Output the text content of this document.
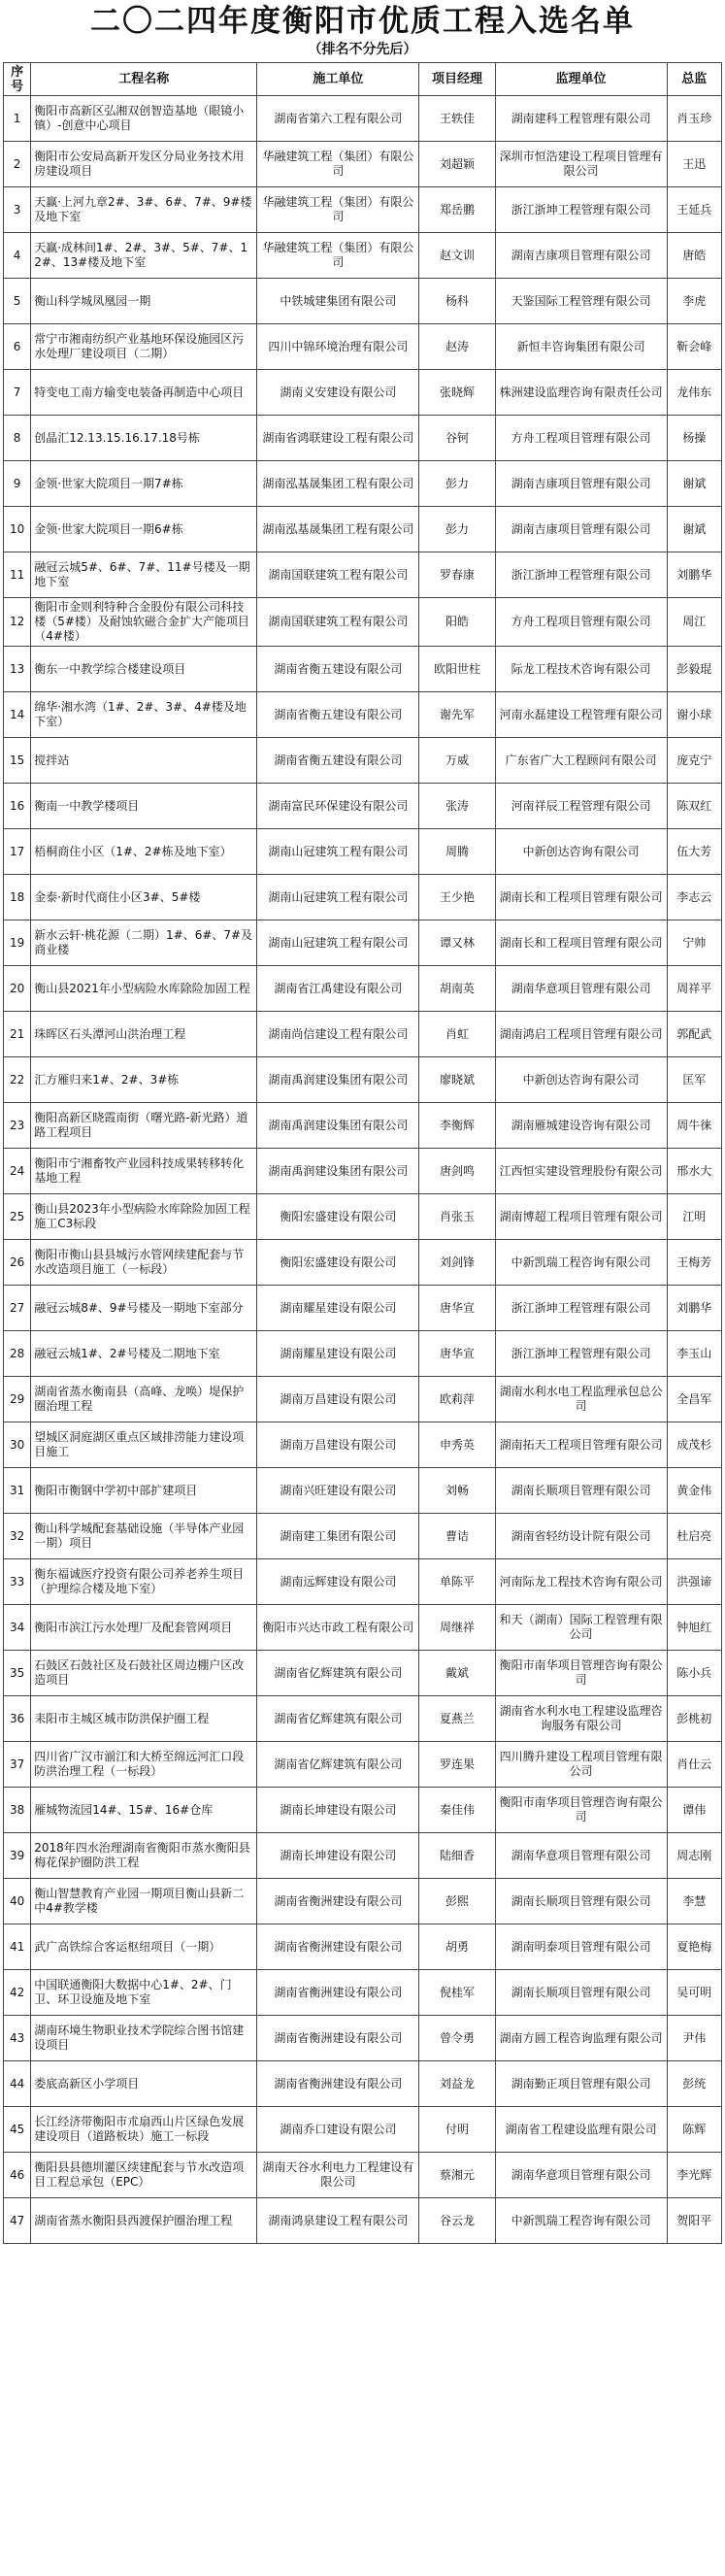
二〇二四年度衡阳市优质工程入选名单
（排名不分先后）
序号	工程名称	施工单位	项目经理	监理单位	总监
1	衡阳市高新区弘湘双创智造基地（眼镜小镇）-创意中心项目	湖南省第六工程有限公司	王轶佳	湖南建科工程管理有限公司	肖玉珍
2	衡阳市公安局高新开发区分局业务技术用房建设项目	华融建筑工程（集团）有限公司	刘超颖	深圳市恒浩建设工程项目管理有限公司	王迅
3	天赢·上河九章2#、3#、6#、7#、9#楼及地下室	华融建筑工程（集团）有限公司	郑岳鹏	浙江浙坤工程管理有限公司	王延兵
4	天赢·成林间1#、2#、3#、5#、7#、12#、13#楼及地下室	华融建筑工程（集团）有限公司	赵文训	湖南吉康项目管理有限公司	唐皓
5	衡山科学城凤凰园一期	中铁城建集团有限公司	杨科	天鉴国际工程管理有限公司	李虎
6	常宁市湘南纺织产业基地环保设施园区污水处理厂建设项目（二期）	四川中锦环境治理有限公司	赵涛	新恒丰咨询集团有限公司	靳会峰
7	特变电工南方输变电装备再制造中心项目	湖南义安建设有限公司	张晓辉	株洲建设监理咨询有限责任公司	龙伟东
8	创晶汇12.13.15.16.17.18号栋	湖南省鸿联建设工程有限公司	谷钶	方舟工程项目管理有限公司	杨操
9	金领·世家大院项目一期7#栋	湖南泓基晟集团工程有限公司	彭力	湖南吉康项目管理有限公司	谢斌
10	金领·世家大院项目一期6#栋	湖南泓基晟集团工程有限公司	彭力	湖南吉康项目管理有限公司	谢斌
11	融冠云城5#、6#、7#、11#号楼及一期地下室	湖南国联建筑工程有限公司	罗春康	浙江浙坤工程管理有限公司	刘鹏华
12	衡阳市金则利特种合金股份有限公司科技楼（5#楼）及耐蚀软磁合金扩大产能项目（4#楼）	湖南国联建筑工程有限公司	阳皓	方舟工程项目管理有限公司	周江
13	衡东一中教学综合楼建设项目	湖南省衡五建设有限公司	欧阳世柱	际龙工程技术咨询有限公司	彭毅琨
14	绵华·湘水湾（1#、2#、3#、4#楼及地下室）	湖南省衡五建设有限公司	谢先军	河南永磊建设工程管理有限公司	谢小球
15	搅拌站	湖南省衡五建设有限公司	万威	广东省广大工程顾问有限公司	庞克宁
16	衡南一中教学楼项目	湖南富民环保建设有限公司	张涛	河南祥辰工程管理有限公司	陈双红
17	梧桐商住小区（1#、2#栋及地下室）	湖南山冠建筑工程有限公司	周腾	中新创达咨询有限公司	伍大芳
18	金泰·新时代商住小区3#、5#楼	湖南山冠建筑工程有限公司	王少艳	湖南长和工程项目管理有限公司	李志云
19	新水云轩·桃花源（二期）1#、6#、7#及商业楼	湖南山冠建筑工程有限公司	谭又林	湖南长和工程项目管理有限公司	宁帅
20	衡山县2021年小型病险水库除险加固工程	湖南省江禹建设有限公司	胡南英	湖南华意项目管理有限公司	周祥平
21	珠晖区石头潭河山洪治理工程	湖南尚信建设工程有限公司	肖虹	湖南鸿启工程项目管理有限公司	郭配武
22	汇方雁归来1#、2#、3#栋	湖南禹润建设集团有限公司	廖晓斌	中新创达咨询有限公司	匡军
23	衡阳高新区晓霞南街（曙光路-新光路）道路工程项目	湖南禹润建设集团有限公司	李衡辉	湖南雁城建设咨询有限公司	周牛徕
24	衡阳市宁湘畜牧产业园科技成果转移转化基地工程	湖南禹润建设集团有限公司	唐剑鸣	江西恒实建设管理股份有限公司	邢水大
25	衡山县2023年小型病险水库除险加固工程施工C3标段	衡阳宏盛建设有限公司	肖张玉	湖南博超工程项目管理有限公司	江明
26	衡阳市衡山县县城污水管网续建配套与节水改造项目施工（一标段）	衡阳宏盛建设有限公司	刘剑锋	中新凯瑞工程咨询有限公司	王梅芳
27	融冠云城8#、9#号楼及一期地下室部分	湖南耀星建设有限公司	唐华宣	浙江浙坤工程管理有限公司	刘鹏华
28	融冠云城1#、2#号楼及二期地下室	湖南耀星建设有限公司	唐华宣	浙江浙坤工程管理有限公司	李玉山
29	湖南省蒸水衡南县（高峰、龙唤）堤保护圈治理工程	湖南万昌建设有限公司	欧莉萍	湖南水利水电工程监理承包总公司	全昌军
30	望城区洞庭湖区重点区域排涝能力建设项目施工	湖南万昌建设有限公司	申秀英	湖南拓天工程项目管理有限公司	成茂杉
31	衡阳市衡钢中学初中部扩建项目	湖南兴旺建设有限公司	刘畅	湖南长顺项目管理有限公司	黄金伟
32	衡山科学城配套基础设施（半导体产业园一期）项目	湖南建工集团有限公司	曹诘	湖南省轻纺设计院有限公司	杜启亮
33	衡东福诚医疗投资有限公司养老养生项目（护理综合楼及地下室）	湖南远辉建设有限公司	单陈平	河南际龙工程技术咨询有限公司	洪强谛
34	衡阳市滨江污水处理厂及配套管网项目	衡阳市兴达市政工程有限公司	周继祥	和天（湖南）国际工程管理有限公司	钟旭红
35	石鼓区石鼓社区及石鼓社区周边棚户区改造项目	湖南省亿辉建筑有限公司	戴斌	衡阳市南华项目管理咨询有限公司	陈小兵
36	耒阳市主城区城市防洪保护圈工程	湖南省亿辉建筑有限公司	夏燕兰	湖南省水利水电工程建设监理咨询服务有限公司	彭桃初
37	四川省广汉市湔江和大桥至绵远河汇口段防洪治理工程（一标段）	湖南省亿辉建筑有限公司	罗连果	四川腾升建设工程项目管理有限公司	肖仕云
38	雁城物流园14#、15#、16#仓库	湖南长坤建设有限公司	秦佳伟	衡阳市南华项目管理咨询有限公司	谭伟
39	2018年四水治理湖南省衡阳市蒸水衡阳县梅花保护圈防洪工程	湖南长坤建设有限公司	陆细香	湖南华意项目管理有限公司	周志刚
40	衡山智慧教育产业园一期项目衡山县新二中4#教学楼	湖南省衡洲建设有限公司	彭熙	湖南长顺项目管理有限公司	李慧
41	武广高铁综合客运枢纽项目（一期）	湖南省衡洲建设有限公司	胡勇	湖南明泰项目管理有限公司	夏艳梅
42	中国联通衡阳大数据中心1#、2#、门卫、环卫设施及地下室	湖南省衡洲建设有限公司	倪桂军	湖南长顺项目管理有限公司	吴可明
43	湖南环境生物职业技术学院综合图书馆建设项目	湖南省衡洲建设有限公司	曾令勇	湖南方圆工程咨询监理有限公司	尹伟
44	娄底高新区小学项目	湖南省衡洲建设有限公司	刘益龙	湖南勤正项目管理有限公司	彭统
45	长江经济带衡阳市朮扇西山片区绿色发展建设项目（道路板块）施工一标段	湖南乔口建设有限公司	付明	湖南省工程建设监理有限公司	陈辉
46	衡阳县县德圳灌区续建配套与节水改造项目工程总承包（EPC）	湖南天谷水利电力工程建设有限公司	蔡湘元	湖南华意项目管理有限公司	李光辉
47	湖南省蒸水衡阳县西渡保护圈治理工程	湖南鸿泉建设工程有限公司	谷云龙	中新凯瑞工程咨询有限公司	贺阳平
